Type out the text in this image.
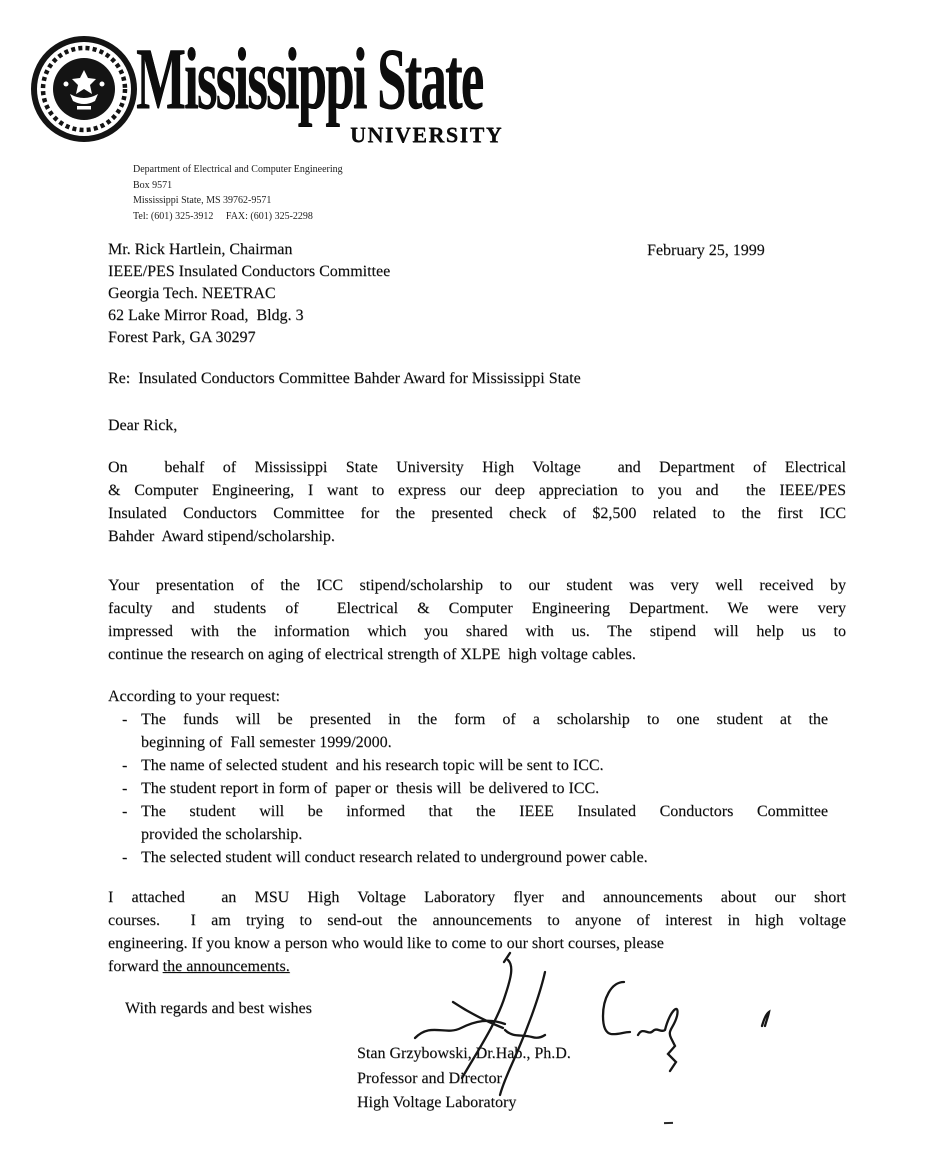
Mississippi State
UNIVERSITY
Department of Electrical and Computer Engineering
Box 9571
Mississippi State, MS 39762-9571
Tel: (601) 325-3912     FAX: (601) 325-2298
Mr. Rick Hartlein, Chairman
IEEE/PES Insulated Conductors Committee
Georgia Tech. NEETRAC
62 Lake Mirror Road,  Bldg. 3
Forest Park, GA 30297
February 25, 1999
Re:  Insulated Conductors Committee Bahder Award for Mississippi State
Dear Rick,
On  behalf of Mississippi State University High Voltage  and Department of Electrical
& Computer Engineering, I want to express our deep appreciation to you and  the IEEE/PES
Insulated Conductors Committee for the presented check of $2,500 related to the first ICC
Bahder  Award stipend/scholarship.
Your presentation of the ICC stipend/scholarship to our student was very well received by
faculty and students of  Electrical & Computer Engineering Department. We were very
impressed with the information which you shared with us. The stipend will help us to
continue the research on aging of electrical strength of XLPE  high voltage cables.
According to your request:
- The funds will be presented in the form of a scholarship to one student at the
beginning of  Fall semester 1999/2000.
- The name of selected student  and his research topic will be sent to ICC.
- The student report in form of  paper or  thesis will  be delivered to ICC.
- The student will be informed that the IEEE Insulated Conductors Committee
provided the scholarship.
- The selected student will conduct research related to underground power cable.
I attached  an MSU High Voltage Laboratory flyer and announcements about our short
courses.  I am trying to send-out the announcements to anyone of interest in high voltage
engineering. If you know a person who would like to come to our short courses, please
forward the announcements.
With regards and best wishes
Stan Grzybowski, Dr.Hab., Ph.D.
Professor and Director
High Voltage Laboratory
